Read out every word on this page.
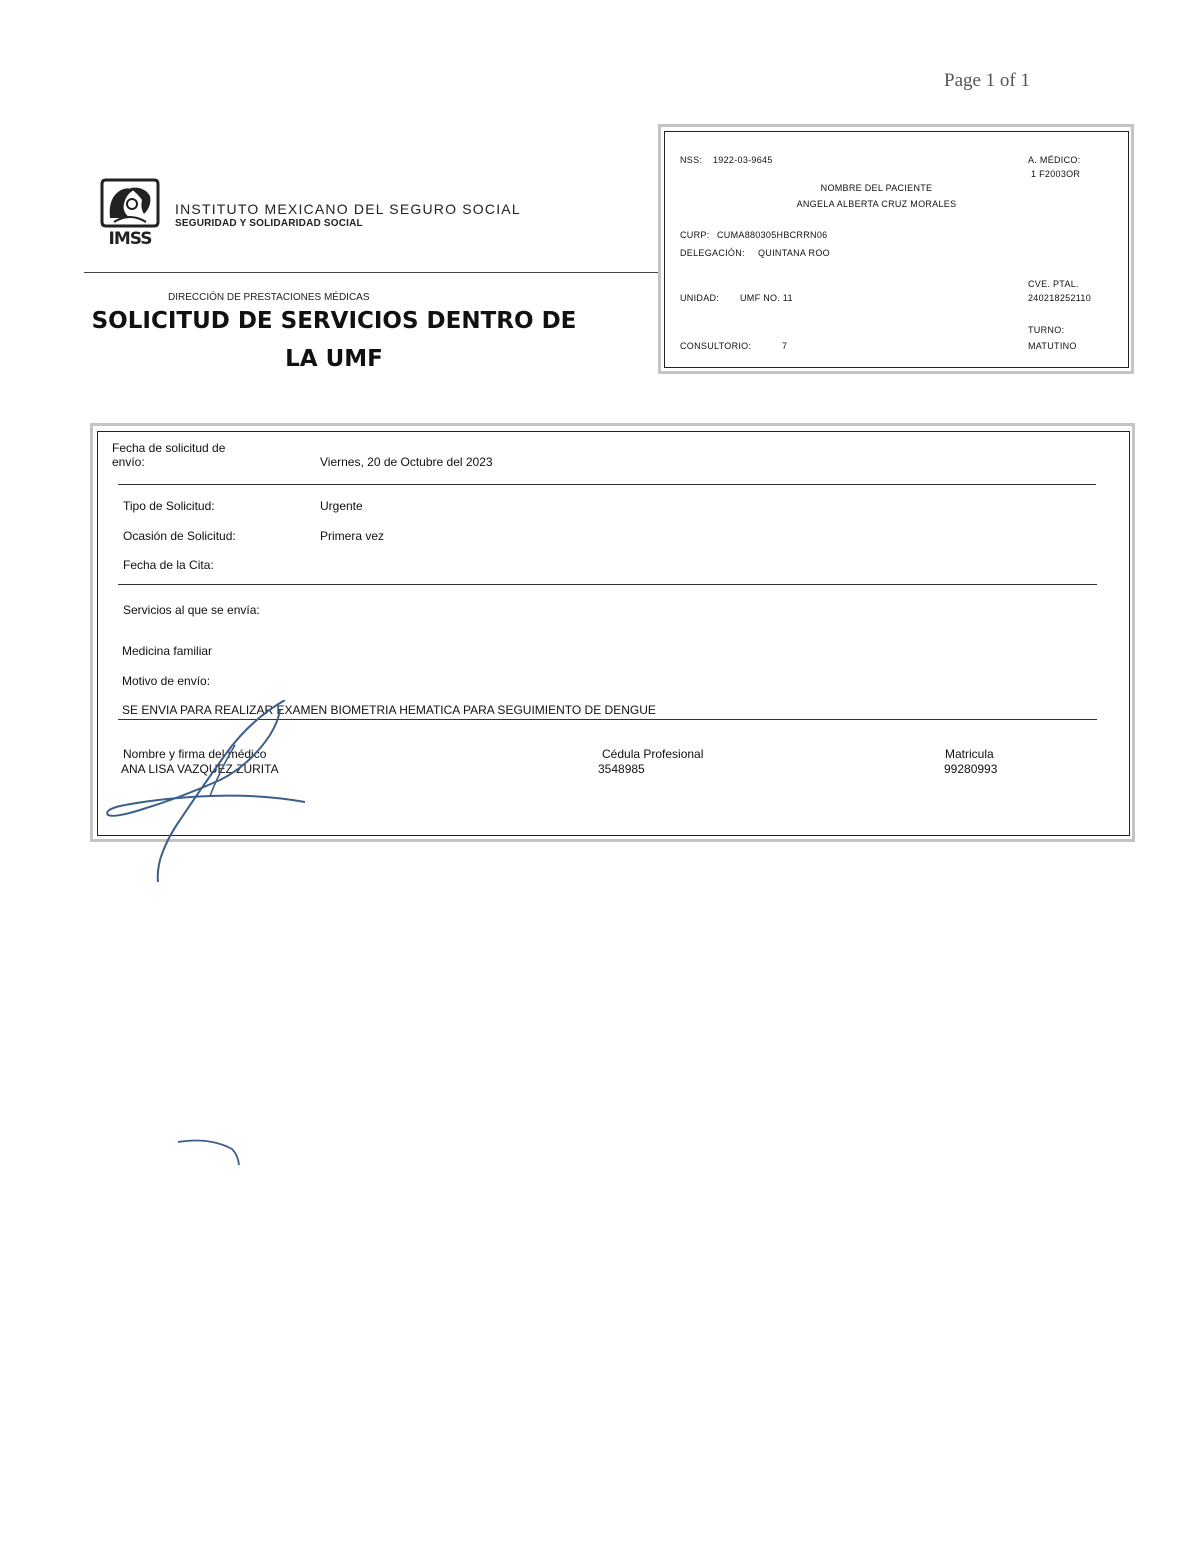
Page 1 of 1
IMSS
INSTITUTO MEXICANO DEL SEGURO SOCIAL
SEGURIDAD Y SOLIDARIDAD SOCIAL
DIRECCIÓN DE PRESTACIONES MÉDICAS
SOLICITUD DE SERVICIOS DENTRO DE
LA UMF
NSS: 1922-03-9645	A. MÉDICO:
1 F2003OR
NOMBRE DEL PACIENTE
ANGELA ALBERTA CRUZ MORALES
CURP: CUMA880305HBCRRN06
DELEGACIÓN: QUINTANA ROO
CVE. PTAL.
240218252110
UNIDAD: UMF NO. 11
TURNO:
MATUTINO
CONSULTORIO:	7
Fecha de solicitud de
envío:	Viernes, 20 de Octubre del 2023
Tipo de Solicitud:	Urgente
Ocasión de Solicitud:	Primera vez
Fecha de la Cita:
Servicios al que se envía:
Medicina familiar
Motivo de envío:
SE ENVIA PARA REALIZAR EXAMEN BIOMETRIA HEMATICA PARA SEGUIMIENTO DE DENGUE
Nombre y firma del médico
ANA LISA VAZQUEZ ZURITA
Cédula Profesional
3548985
Matricula
99280993
